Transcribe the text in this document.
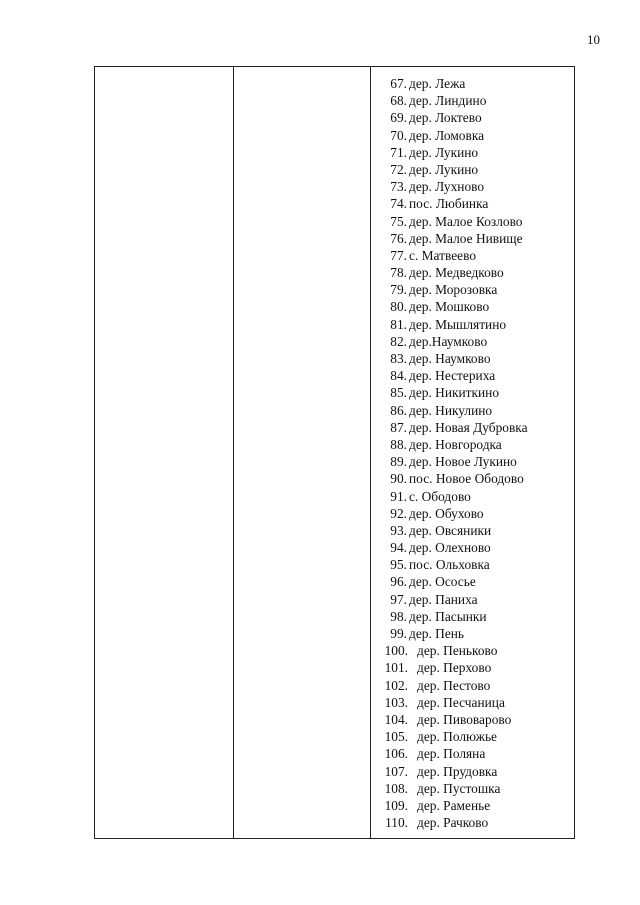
10
67. дер. Лежа
68. дер. Линдино
69. дер. Локтево
70. дер. Ломовка
71. дер. Лукино
72. дер. Лукино
73. дер. Лухново
74. пос. Любинка
75. дер. Малое Козлово
76. дер. Малое Нивище
77. с. Матвеево
78. дер. Медведково
79. дер. Морозовка
80. дер. Мошково
81. дер. Мышлятино
82. дер.Наумково
83. дер. Наумково
84. дер. Нестериха
85. дер. Никиткино
86. дер. Никулино
87. дер. Новая Дубровка
88. дер. Новгородка
89. дер. Новое Лукино
90. пос. Новое Ободово
91. с. Ободово
92. дер. Обухово
93. дер. Овсяники
94. дер. Олехново
95. пос. Ольховка
96. дер. Ососье
97. дер. Паниха
98. дер. Пасынки
99. дер. Пень
100. дер. Пеньково
101. дер. Перхово
102. дер. Пестово
103. дер. Песчаница
104. дер. Пивоварово
105. дер. Полюжье
106. дер. Поляна
107. дер. Прудовка
108. дер. Пустошка
109. дер. Раменье
110. дер. Рачково
